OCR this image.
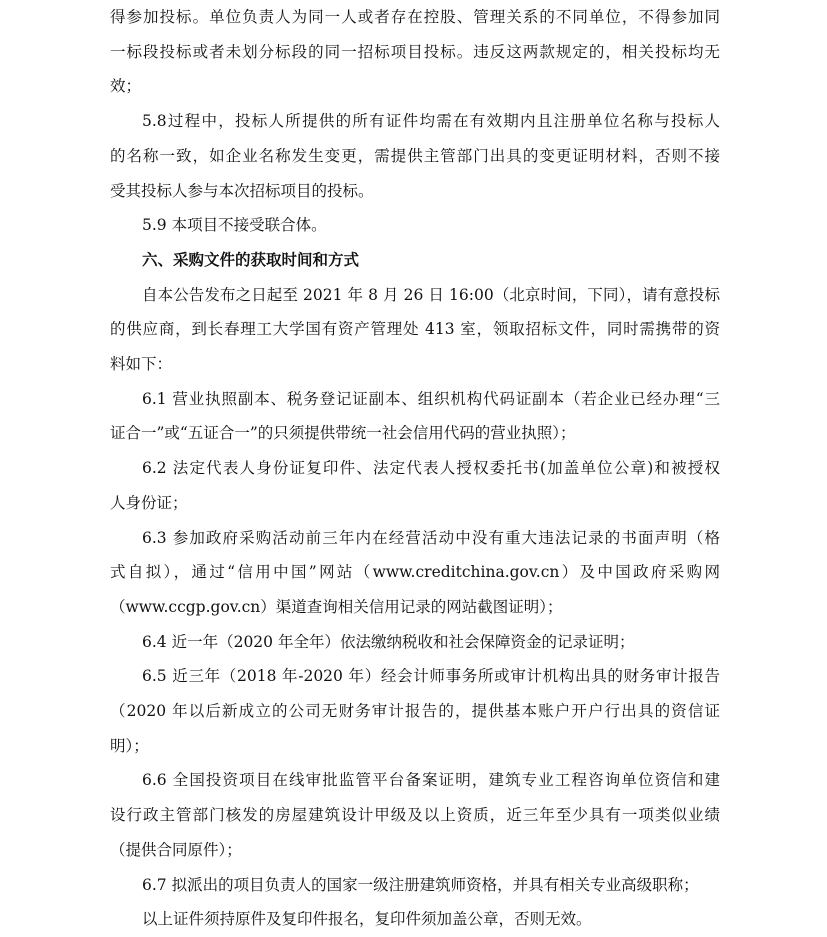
得参加投标。单位负责人为同一人或者存在控股、管理关系的不同单位，不得参加同
一标段投标或者未划分标段的同一招标项目投标。违反这两款规定的，相关投标均无
效；
5.8过程中，投标人所提供的所有证件均需在有效期内且注册单位名称与投标人
的名称一致，如企业名称发生变更，需提供主管部门出具的变更证明材料，否则不接
受其投标人参与本次招标项目的投标。
5.9 本项目不接受联合体。
六、采购文件的获取时间和方式
自本公告发布之日起至 2021 年 8 月 26 日 16:00（北京时间，下同），请有意投标
的供应商，到长春理工大学国有资产管理处 413 室，领取招标文件，同时需携带的资
料如下：
6.1 营业执照副本、税务登记证副本、组织机构代码证副本（若企业已经办理“三
证合一”或“五证合一”的只须提供带统一社会信用代码的营业执照）；
6.2 法定代表人身份证复印件、法定代表人授权委托书(加盖单位公章)和被授权
人身份证；
6.3 参加政府采购活动前三年内在经营活动中没有重大违法记录的书面声明（格
式自拟），通过“信用中国”网站（www.creditchina.gov.cn）及中国政府采购网
（www.ccgp.gov.cn）渠道查询相关信用记录的网站截图证明）；
6.4 近一年（2020 年全年）依法缴纳税收和社会保障资金的记录证明；
6.5 近三年（2018 年-2020 年）经会计师事务所或审计机构出具的财务审计报告
（2020 年以后新成立的公司无财务审计报告的，提供基本账户开户行出具的资信证
明）；
6.6 全国投资项目在线审批监管平台备案证明，建筑专业工程咨询单位资信和建
设行政主管部门核发的房屋建筑设计甲级及以上资质，近三年至少具有一项类似业绩
（提供合同原件）；
6.7 拟派出的项目负责人的国家一级注册建筑师资格，并具有相关专业高级职称；
以上证件须持原件及复印件报名，复印件须加盖公章，否则无效。
